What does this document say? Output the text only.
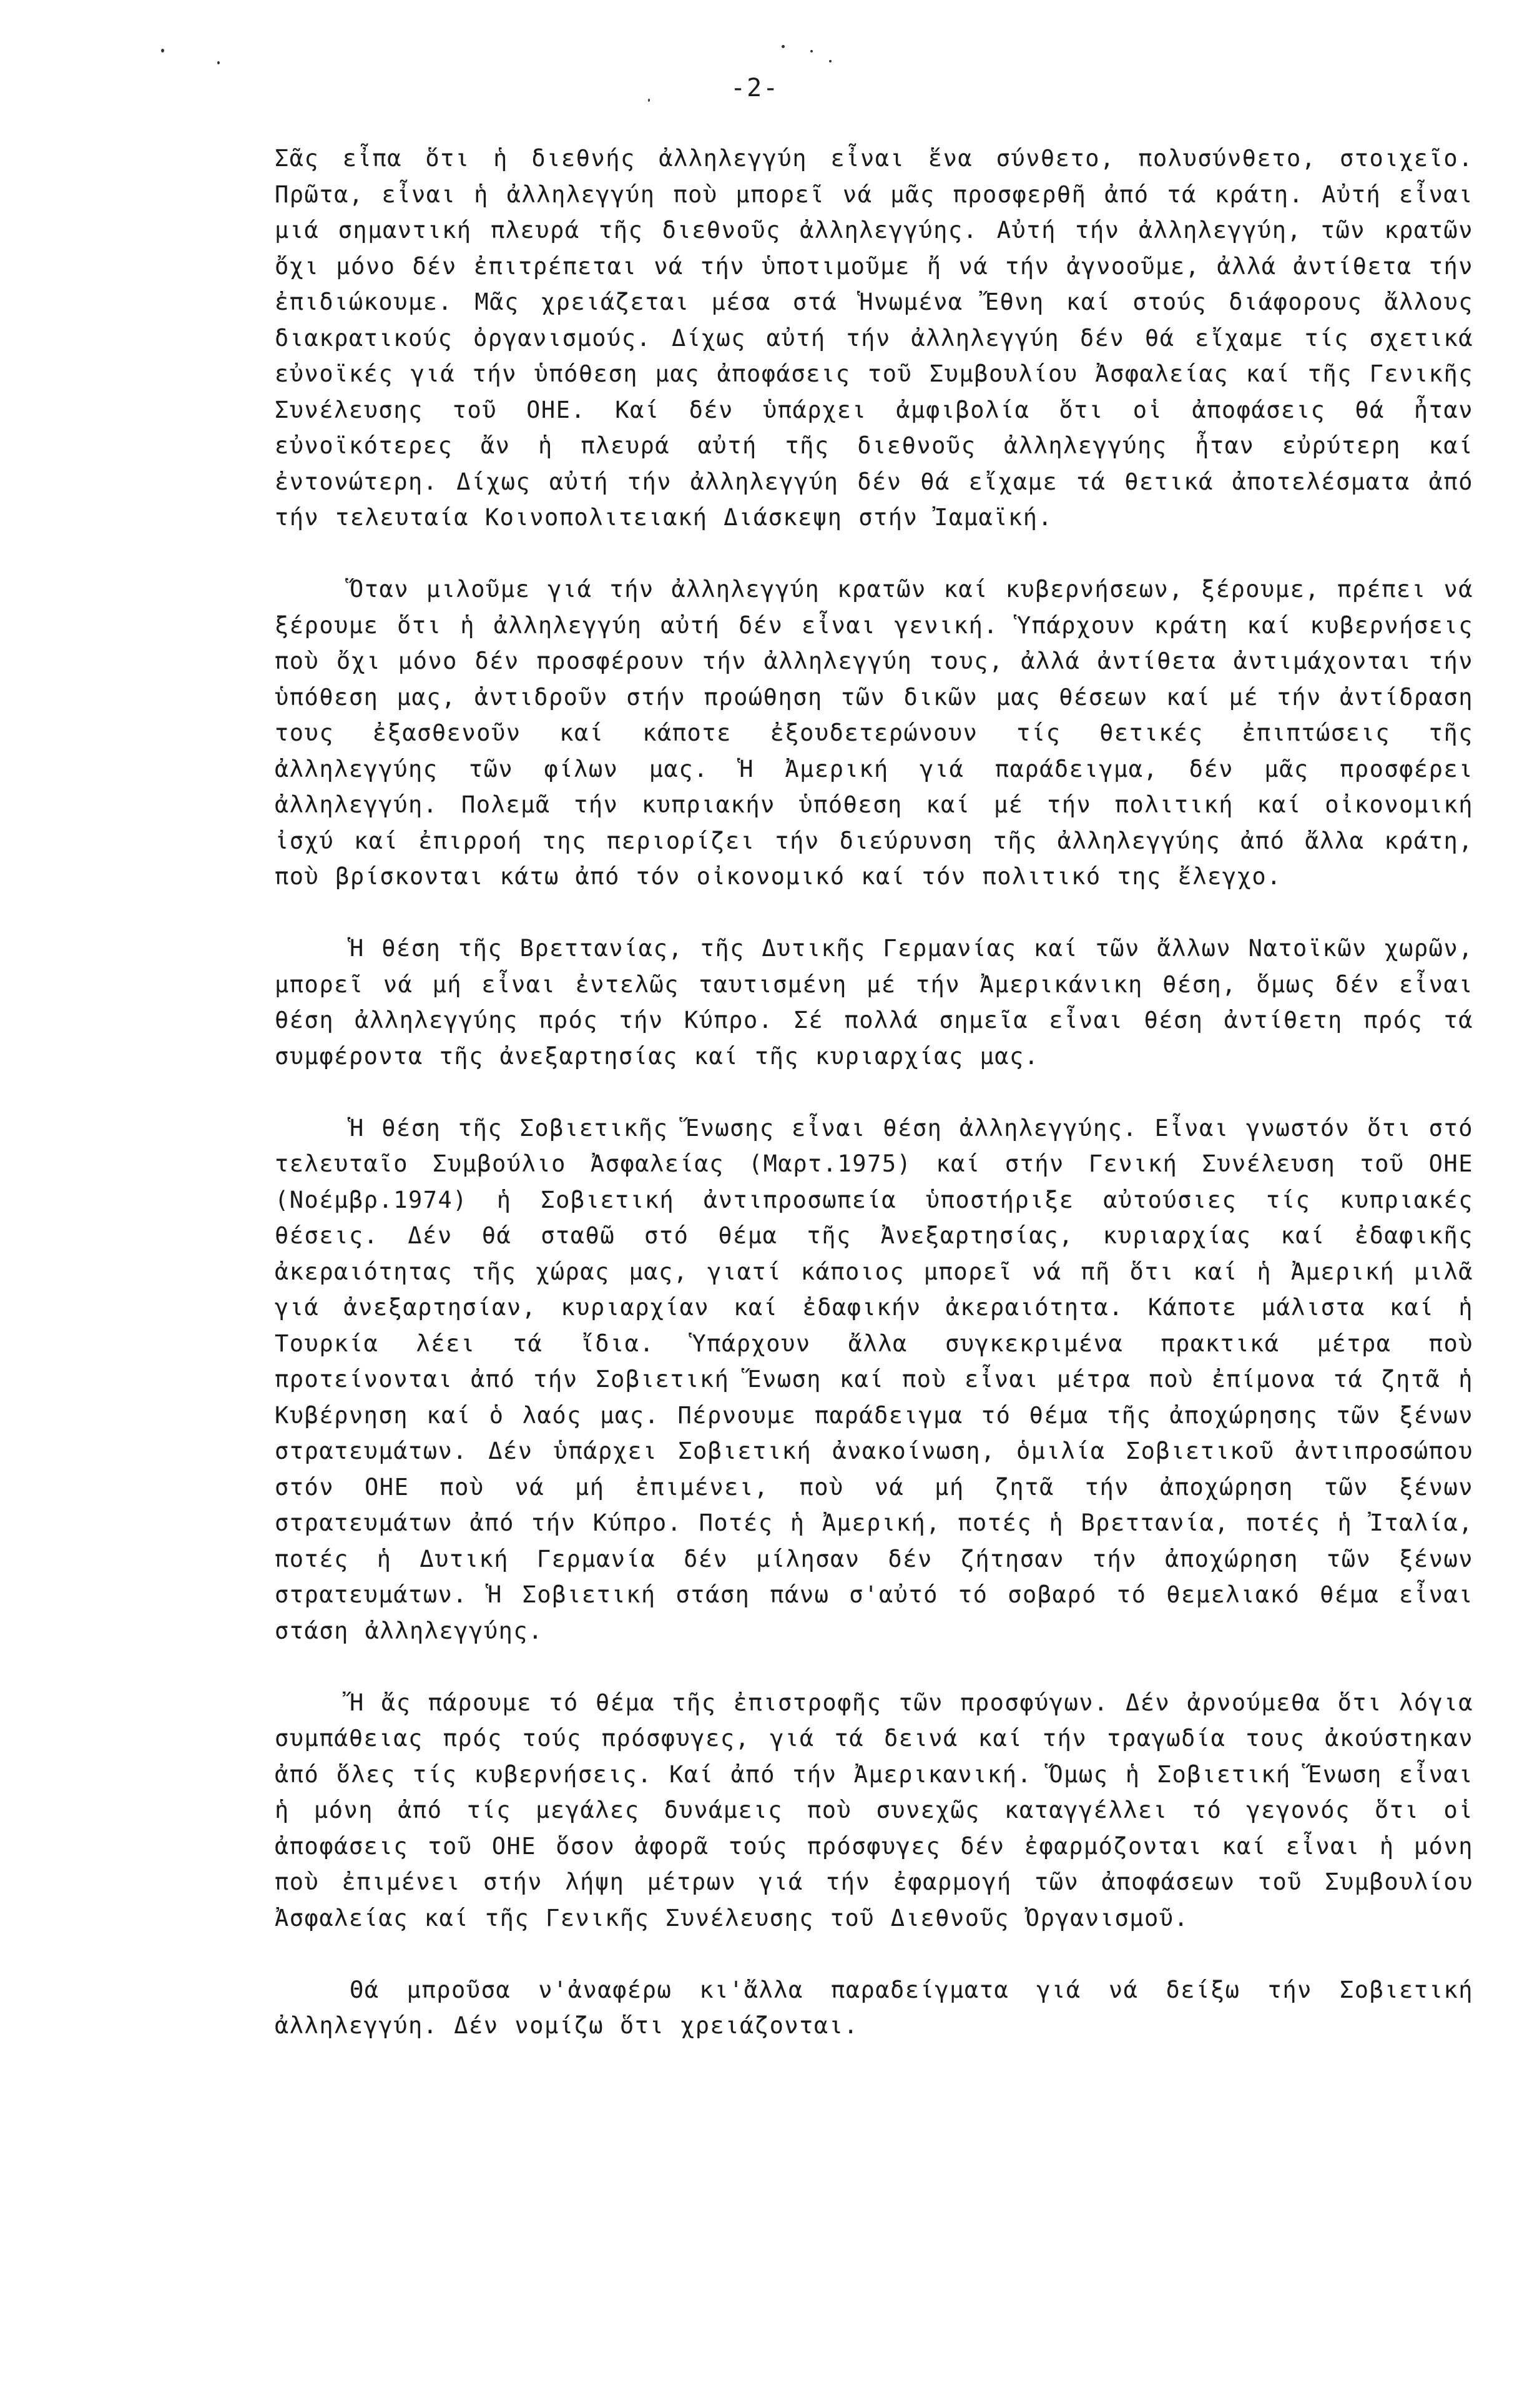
-2-

Σᾶς εἶπα ὅτι ἡ διεθνής ἀλληλεγγύη εἶναι ἕνα σύνθετο, πολυσύνθετο, στοιχεῖο. Πρῶτα, εἶναι ἡ ἀλληλεγγύη ποὺ μπορεῖ νά μᾶς προσφερθῆ ἀπό τά κράτη. Αὐτή εἶναι μιά σημαντική πλευρά τῆς διεθνοῦς ἀλληλεγγύης. Αὐτή τήν ἀλληλεγγύη, τῶν κρατῶν ὄχι μόνο δέν ἐπιτρέπεται νά τήν ὑποτιμοῦμε ἤ νά τήν ἀγνοοῦμε, ἀλλά ἀντίθετα τήν ἐπιδιώκουμε. Μᾶς χρειάζεται μέσα στά Ἡνωμένα Ἔθνη καί στούς διάφορους ἄλλους διακρατικούς ὀργανισμούς. Δίχως αὐτή τήν ἀλληλεγγύη δέν θά εἴχαμε τίς σχετικά εὐνοϊκές γιά τήν ὑπόθεση μας ἀποφάσεις τοῦ Συμβουλίου Ἀσφαλείας καί τῆς Γενικῆς Συνέλευσης τοῦ ΟΗΕ. Καί δέν ὑπάρχει ἀμφιβολία ὅτι οἱ ἀποφάσεις θά ἦταν εὐνοϊκότερες ἄν ἡ πλευρά αὐτή τῆς διεθνοῦς ἀλληλεγγύης ἦταν εὐρύτερη καί ἐντονώτερη. Δίχως αὐτή τήν ἀλληλεγγύη δέν θά εἴχαμε τά θετικά ἀποτελέσματα ἀπό τήν τελευταία Κοινοπολιτειακή Διάσκεψη στήν Ἰαμαϊκή.

Ὅταν μιλοῦμε γιά τήν ἀλληλεγγύη κρατῶν καί κυβερνήσεων, ξέρουμε, πρέπει νά ξέρουμε ὅτι ἡ ἀλληλεγγύη αὐτή δέν εἶναι γενική. Ὑπάρχουν κράτη καί κυβερνήσεις ποὺ ὄχι μόνο δέν προσφέρουν τήν ἀλληλεγγύη τους, ἀλλά ἀντίθετα ἀντιμάχονται τήν ὑπόθεση μας, ἀντιδροῦν στήν προώθηση τῶν δικῶν μας θέσεων καί μέ τήν ἀντίδραση τους ἐξασθενοῦν καί κάποτε ἐξουδετερώνουν τίς θετικές ἐπιπτώσεις τῆς ἀλληλεγγύης τῶν φίλων μας. Ἡ Ἀμερική γιά παράδειγμα, δέν μᾶς προσφέρει ἀλληλεγγύη. Πολεμᾶ τήν κυπριακήν ὑπόθεση καί μέ τήν πολιτική καί οἰκονομική ἰσχύ καί ἐπιρροή της περιορίζει τήν διεύρυνση τῆς ἀλληλεγγύης ἀπό ἄλλα κράτη, ποὺ βρίσκονται κάτω ἀπό τόν οἰκονομικό καί τόν πολιτικό της ἔλεγχο.

Ἡ θέση τῆς Βρεττανίας, τῆς Δυτικῆς Γερμανίας καί τῶν ἄλλων Νατοϊκῶν χωρῶν, μπορεῖ νά μή εἶναι ἐντελῶς ταυτισμένη μέ τήν Ἀμερικάνικη θέση, ὅμως δέν εἶναι θέση ἀλληλεγγύης πρός τήν Κύπρο. Σέ πολλά σημεῖα εἶναι θέση ἀντίθετη πρός τά συμφέροντα τῆς ἀνεξαρτησίας καί τῆς κυριαρχίας μας.

Ἡ θέση τῆς Σοβιετικῆς Ἕνωσης εἶναι θέση ἀλληλεγγύης. Εἶναι γνωστόν ὅτι στό τελευταῖο Συμβούλιο Ἀσφαλείας (Μαρτ.1975) καί στήν Γενική Συνέλευση τοῦ ΟΗΕ (Νοέμβρ.1974) ἡ Σοβιετική ἀντιπροσωπεία ὑποστήριξε αὐτούσιες τίς κυπριακές θέσεις. Δέν θά σταθῶ στό θέμα τῆς Ἀνεξαρτησίας, κυριαρχίας καί ἐδαφικῆς ἀκεραιότητας τῆς χώρας μας, γιατί κάποιος μπορεῖ νά πῆ ὅτι καί ἡ Ἀμερική μιλᾶ γιά ἀνεξαρτησίαν, κυριαρχίαν καί ἐδαφικήν ἀκεραιότητα. Κάποτε μάλιστα καί ἡ Τουρκία λέει τά ἴδια. Ὑπάρχουν ἄλλα συγκεκριμένα πρακτικά μέτρα ποὺ προτείνονται ἀπό τήν Σοβιετική Ἕνωση καί ποὺ εἶναι μέτρα ποὺ ἐπίμονα τά ζητᾶ ἡ Κυβέρνηση καί ὁ λαός μας. Πέρνουμε παράδειγμα τό θέμα τῆς ἀποχώρησης τῶν ξένων στρατευμάτων. Δέν ὑπάρχει Σοβιετική ἀνακοίνωση, ὁμιλία Σοβιετικοῦ ἀντιπροσώπου στόν ΟΗΕ ποὺ νά μή ἐπιμένει, ποὺ νά μή ζητᾶ τήν ἀποχώρηση τῶν ξένων στρατευμάτων ἀπό τήν Κύπρο. Ποτές ἡ Ἀμερική, ποτές ἡ Βρεττανία, ποτές ἡ Ἰταλία, ποτές ἡ Δυτική Γερμανία δέν μίλησαν δέν ζήτησαν τήν ἀποχώρηση τῶν ξένων στρατευμάτων. Ἡ Σοβιετική στάση πάνω σ'αὐτό τό σοβαρό τό θεμελιακό θέμα εἶναι στάση ἀλληλεγγύης.

Ἤ ἄς πάρουμε τό θέμα τῆς ἐπιστροφῆς τῶν προσφύγων. Δέν ἀρνούμεθα ὅτι λόγια συμπάθειας πρός τούς πρόσφυγες, γιά τά δεινά καί τήν τραγωδία τους ἀκούστηκαν ἀπό ὅλες τίς κυβερνήσεις. Καί ἀπό τήν Ἀμερικανική. Ὅμως ἡ Σοβιετική Ἕνωση εἶναι ἡ μόνη ἀπό τίς μεγάλες δυνάμεις ποὺ συνεχῶς καταγγέλλει τό γεγονός ὅτι οἱ ἀποφάσεις τοῦ ΟΗΕ ὅσον ἀφορᾶ τούς πρόσφυγες δέν ἐφαρμόζονται καί εἶναι ἡ μόνη ποὺ ἐπιμένει στήν λήψη μέτρων γιά τήν ἐφαρμογή τῶν ἀποφάσεων τοῦ Συμβουλίου Ἀσφαλείας καί τῆς Γενικῆς Συνέλευσης τοῦ Διεθνοῦς Ὀργανισμοῦ.

Θά μπροῦσα ν'ἀναφέρω κι'ἄλλα παραδείγματα γιά νά δείξω τήν Σοβιετική ἀλληλεγγύη. Δέν νομίζω ὅτι χρειάζονται.
